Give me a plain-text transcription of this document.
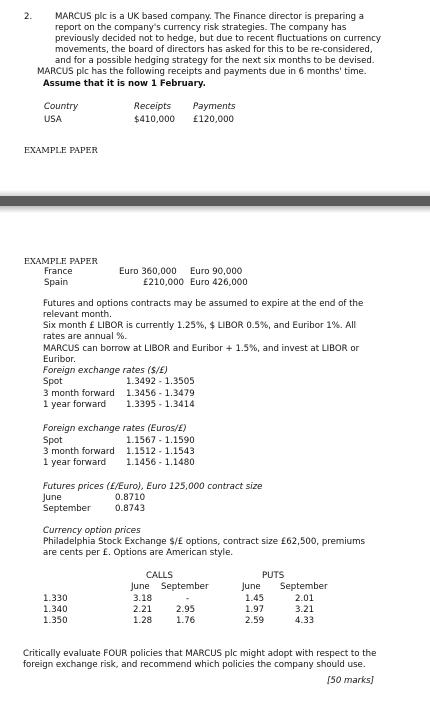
2.	MARCUS plc is a UK based company. The Finance director is preparing a
report on the company's currency risk strategies. The company has
previously decided not to hedge, but due to recent fluctuations on currency
movements, the board of directors has asked for this to be re-considered,
and for a possible hedging strategy for the next six months to be devised.
MARCUS plc has the following receipts and payments due in 6 months' time.
Assume that it is now 1 February.
Country	Receipts	Payments
USA	$410,000 £120,000
EXAMPLE PAPER
EXAMPLE PAPER
France	Euro 360,000 Euro 90,000
Spain	£210,000 Euro 426,000
Futures and options contracts may be assumed to expire at the end of the
relevant month.
Six month £ LIBOR is currently 1.25%, $ LIBOR 0.5%, and Euribor 1%. All
rates are annual %.
MARCUS can borrow at LIBOR and Euribor + 1.5%, and invest at LIBOR or
Euribor.
Foreign exchange rates ($/£)
Spot	1.3492 - 1.3505
3 month forward 1.3456 - 1.3479
1 year forward 1.3395 - 1.3414
Foreign exchange rates (Euros/£)
Spot	1.1567 - 1.1590
3 month forward 1.1512 - 1.1543
1 year forward 1.1456 - 1.1480
Futures prices (£/Euro), Euro 125,000 contract size
June	0.8710
September	0.8743
Currency option prices
Philadelphia Stock Exchange $/£ options, contract size £62,500, premiums
are cents per £. Options are American style.
CALLS	PUTS
June September	June September
1.330	3.18	-	1.45	2.01
1.340	2.21	2.95	1.97	3.21
1.350	1.28	1.76	2.59	4.33
Critically evaluate FOUR policies that MARCUS plc might adopt with respect to the
foreign exchange risk, and recommend which policies the company should use.
[50 marks]
